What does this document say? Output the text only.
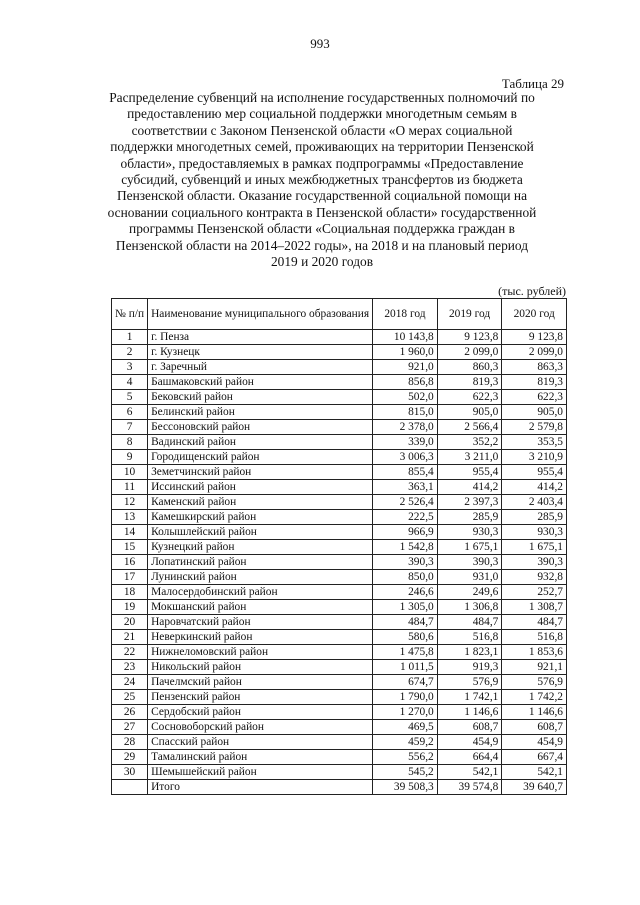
993
Таблица 29
Распределение субвенций на исполнение государственных полномочий по
предоставлению мер социальной поддержки многодетным семьям в
соответствии с Законом Пензенской области «О мерах социальной
поддержки многодетных семей, проживающих на территории Пензенской
области», предоставляемых в рамках подпрограммы «Предоставление
субсидий, субвенций и иных межбюджетных трансфертов из бюджета
Пензенской области. Оказание государственной социальной помощи на
основании социального контракта в Пензенской области» государственной
программы Пензенской области «Социальная поддержка граждан в
Пензенской области на 2014–2022 годы», на 2018 и на плановый период
2019 и 2020 годов
(тыс. рублей)
№ п/п	Наименование муниципального образования	2018 год	2019 год	2020 год
1	г. Пенза	10 143,8	9 123,8	9 123,8
2	г. Кузнецк	1 960,0	2 099,0	2 099,0
3	г. Заречный	921,0	860,3	863,3
4	Башмаковский район	856,8	819,3	819,3
5	Бековский район	502,0	622,3	622,3
6	Белинский район	815,0	905,0	905,0
7	Бессоновский район	2 378,0	2 566,4	2 579,8
8	Вадинский район	339,0	352,2	353,5
9	Городищенский район	3 006,3	3 211,0	3 210,9
10	Земетчинский район	855,4	955,4	955,4
11	Иссинский район	363,1	414,2	414,2
12	Каменский район	2 526,4	2 397,3	2 403,4
13	Камешкирский район	222,5	285,9	285,9
14	Колышлейский район	966,9	930,3	930,3
15	Кузнецкий район	1 542,8	1 675,1	1 675,1
16	Лопатинский район	390,3	390,3	390,3
17	Лунинский район	850,0	931,0	932,8
18	Малосердобинский район	246,6	249,6	252,7
19	Мокшанский район	1 305,0	1 306,8	1 308,7
20	Наровчатский район	484,7	484,7	484,7
21	Неверкинский район	580,6	516,8	516,8
22	Нижнеломовский район	1 475,8	1 823,1	1 853,6
23	Никольский район	1 011,5	919,3	921,1
24	Пачелмский район	674,7	576,9	576,9
25	Пензенский район	1 790,0	1 742,1	1 742,2
26	Сердобский район	1 270,0	1 146,6	1 146,6
27	Сосновоборский район	469,5	608,7	608,7
28	Спасский район	459,2	454,9	454,9
29	Тамалинский район	556,2	664,4	667,4
30	Шемышейский район	545,2	542,1	542,1
	Итого	39 508,3	39 574,8	39 640,7
